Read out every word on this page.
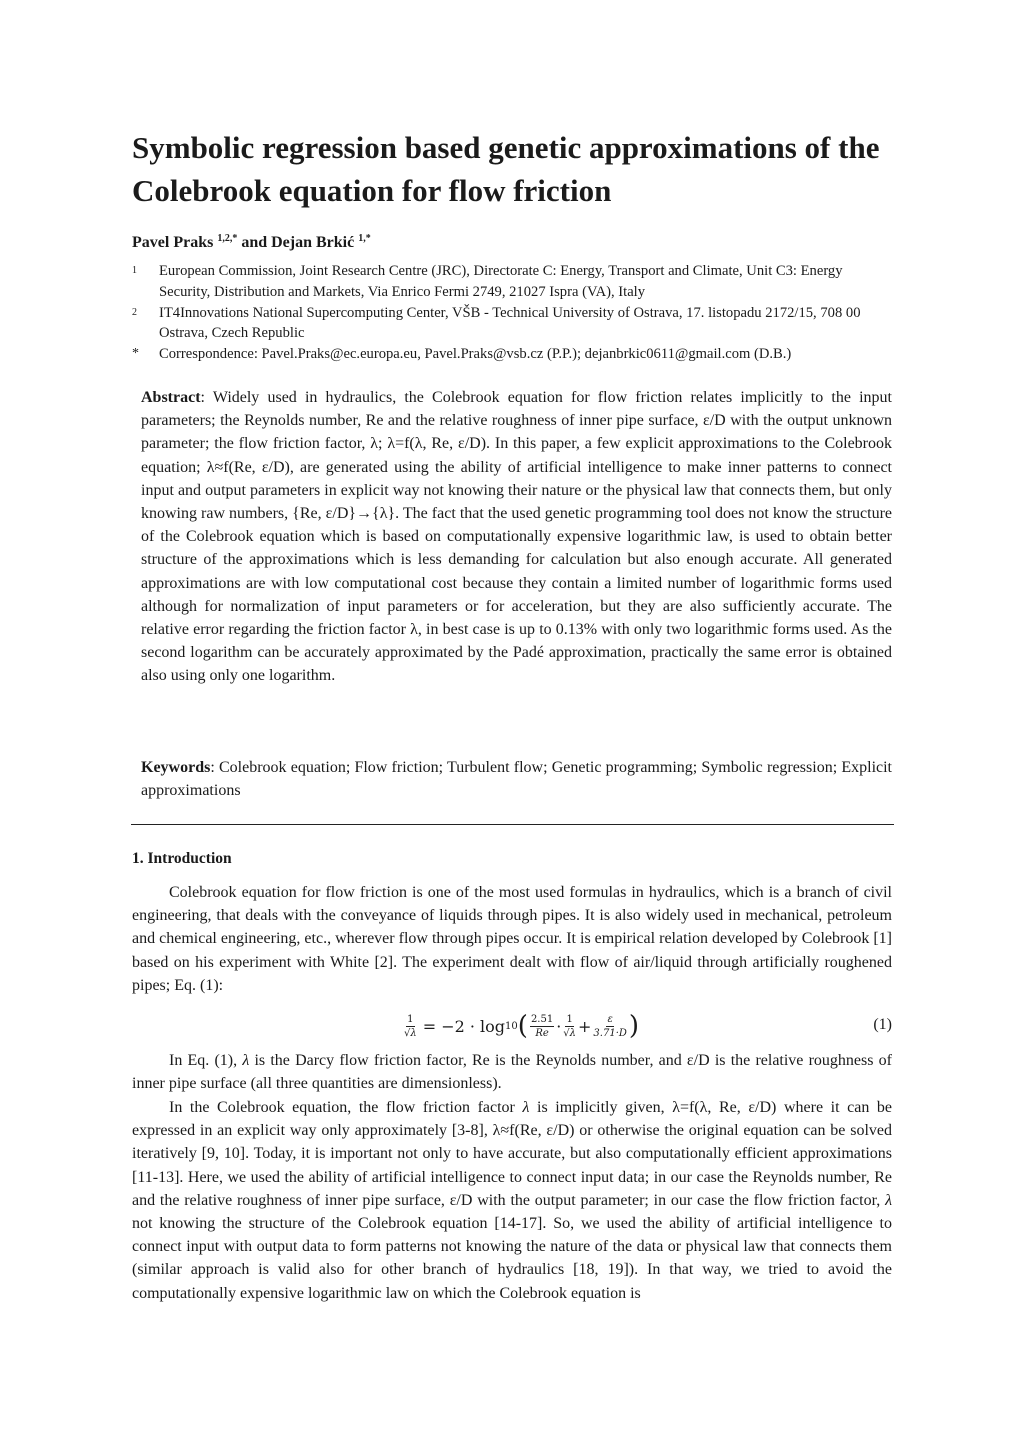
Symbolic regression based genetic approximations of the Colebrook equation for flow friction
Pavel Praks $^{1,2,*}$ and Dejan Brkić $^{1,*}$
1	European Commission, Joint Research Centre (JRC), Directorate C: Energy, Transport and Climate, Unit C3: Energy Security, Distribution and Markets, Via Enrico Fermi 2749, 21027 Ispra (VA), Italy
2	IT4Innovations National Supercomputing Center, VŠB - Technical University of Ostrava, 17. listopadu 2172/15, 708 00 Ostrava, Czech Republic
*	Correspondence: Pavel.Praks@ec.europa.eu, Pavel.Praks@vsb.cz (P.P.); dejanbrkic0611@gmail.com (D.B.)

Abstract: Widely used in hydraulics, the Colebrook equation for flow friction relates implicitly to the input parameters; the Reynolds number, Re and the relative roughness of inner pipe surface, ε/D with the output unknown parameter; the flow friction factor, λ; λ=f(λ, Re, ε/D). In this paper, a few explicit approximations to the Colebrook equation; λ≈f(Re, ε/D), are generated using the ability of artificial intelligence to make inner patterns to connect input and output parameters in explicit way not knowing their nature or the physical law that connects them, but only knowing raw numbers, {Re, ε/D}→{λ}. The fact that the used genetic programming tool does not know the structure of the Colebrook equation which is based on computationally expensive logarithmic law, is used to obtain better structure of the approximations which is less demanding for calculation but also enough accurate. All generated approximations are with low computational cost because they contain a limited number of logarithmic forms used although for normalization of input parameters or for acceleration, but they are also sufficiently accurate. The relative error regarding the friction factor λ, in best case is up to 0.13% with only two logarithmic forms used. As the second logarithm can be accurately approximated by the Padé approximation, practically the same error is obtained also using only one logarithm.

Keywords: Colebrook equation; Flow friction; Turbulent flow; Genetic programming; Symbolic regression; Explicit approximations

1. Introduction

Colebrook equation for flow friction is one of the most used formulas in hydraulics, which is a branch of civil engineering, that deals with the conveyance of liquids through pipes. It is also widely used in mechanical, petroleum and chemical engineering, etc., wherever flow through pipes occur. It is empirical relation developed by Colebrook [1] based on his experiment with White [2]. The experiment dealt with flow of air/liquid through artificially roughened pipes; Eq. (1):

$\frac{1}{√\lambda} = -2 \cdot \log 10$ ( $\frac{2.51}{Re} \cdot \frac{1}{√\lambda} + \frac{\varepsilon}{3.71\cdot D}$ )	(1)

In Eq. (1), λ is the Darcy flow friction factor, Re is the Reynolds number, and ε/D is the relative roughness of inner pipe surface (all three quantities are dimensionless).

In the Colebrook equation, the flow friction factor λ is implicitly given, λ=f(λ, Re, ε/D) where it can be expressed in an explicit way only approximately [3-8], λ≈f(Re, ε/D) or otherwise the original equation can be solved iteratively [9, 10]. Today, it is important not only to have accurate, but also computationally efficient approximations [11-13]. Here, we used the ability of artificial intelligence to connect input data; in our case the Reynolds number, Re and the relative roughness of inner pipe surface, ε/D with the output parameter; in our case the flow friction factor, λ not knowing the structure of the Colebrook equation [14-17]. So, we used the ability of artificial intelligence to connect input with output data to form patterns not knowing the nature of the data or physical law that connects them (similar approach is valid also for other branch of hydraulics [18, 19]). In that way, we tried to avoid the computationally expensive logarithmic law on which the Colebrook equation is
